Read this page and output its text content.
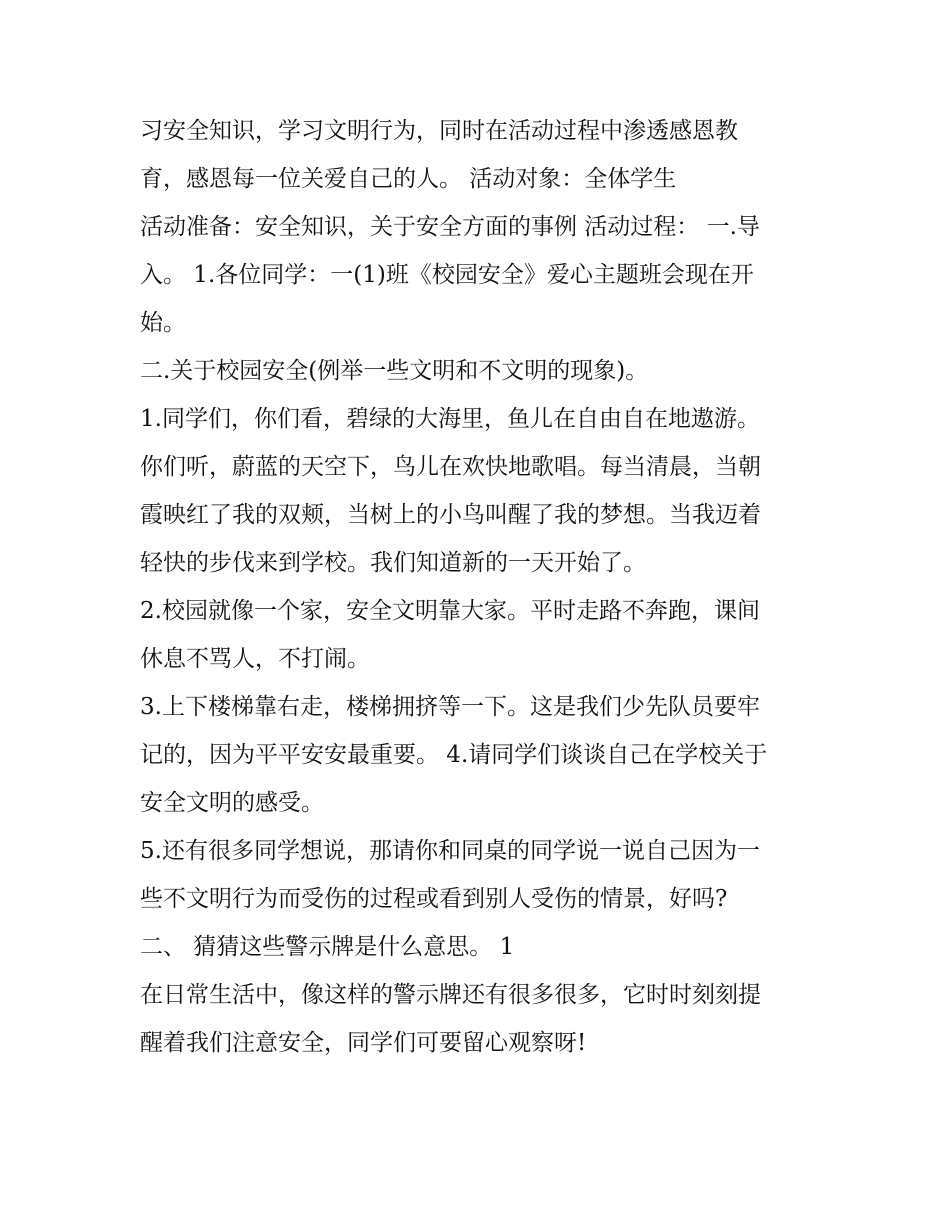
习安全知识，学习文明行为，同时在活动过程中渗透感恩教
育，感恩每一位关爱自己的人。 活动对象：全体学生
活动准备：安全知识，关于安全方面的事例 活动过程： 一.导
入。 1.各位同学：一(1)班《校园安全》爱心主题班会现在开
始。
二.关于校园安全(例举一些文明和不文明的现象)。
1.同学们，你们看，碧绿的大海里，鱼儿在自由自在地遨游。
你们听，蔚蓝的天空下，鸟儿在欢快地歌唱。每当清晨，当朝
霞映红了我的双颊，当树上的小鸟叫醒了我的梦想。当我迈着
轻快的步伐来到学校。我们知道新的一天开始了。
2.校园就像一个家，安全文明靠大家。平时走路不奔跑，课间
休息不骂人，不打闹。
3.上下楼梯靠右走，楼梯拥挤等一下。这是我们少先队员要牢
记的，因为平平安安最重要。 4.请同学们谈谈自己在学校关于
安全文明的感受。
5.还有很多同学想说，那请你和同桌的同学说一说自己因为一
些不文明行为而受伤的过程或看到别人受伤的情景，好吗?
二、 猜猜这些警示牌是什么意思。 1
在日常生活中，像这样的警示牌还有很多很多，它时时刻刻提
醒着我们注意安全，同学们可要留心观察呀!
